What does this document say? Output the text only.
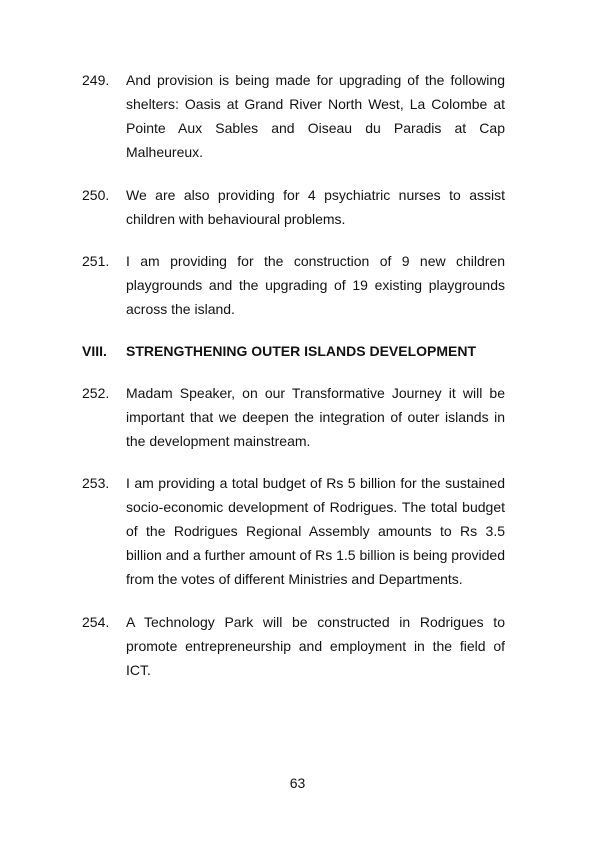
249. And provision is being made for upgrading of the following shelters: Oasis at Grand River North West, La Colombe at Pointe Aux Sables and Oiseau du Paradis at Cap Malheureux.
250. We are also providing for 4 psychiatric nurses to assist children with behavioural problems.
251. I am providing for the construction of 9 new children playgrounds and the upgrading of 19 existing playgrounds across the island.
VIII. STRENGTHENING OUTER ISLANDS DEVELOPMENT
252. Madam Speaker, on our Transformative Journey it will be important that we deepen the integration of outer islands in the development mainstream.
253. I am providing a total budget of Rs 5 billion for the sustained socio-economic development of Rodrigues. The total budget of the Rodrigues Regional Assembly amounts to Rs 3.5 billion and a further amount of Rs 1.5 billion is being provided from the votes of different Ministries and Departments.
254. A Technology Park will be constructed in Rodrigues to promote entrepreneurship and employment in the field of ICT.
63
